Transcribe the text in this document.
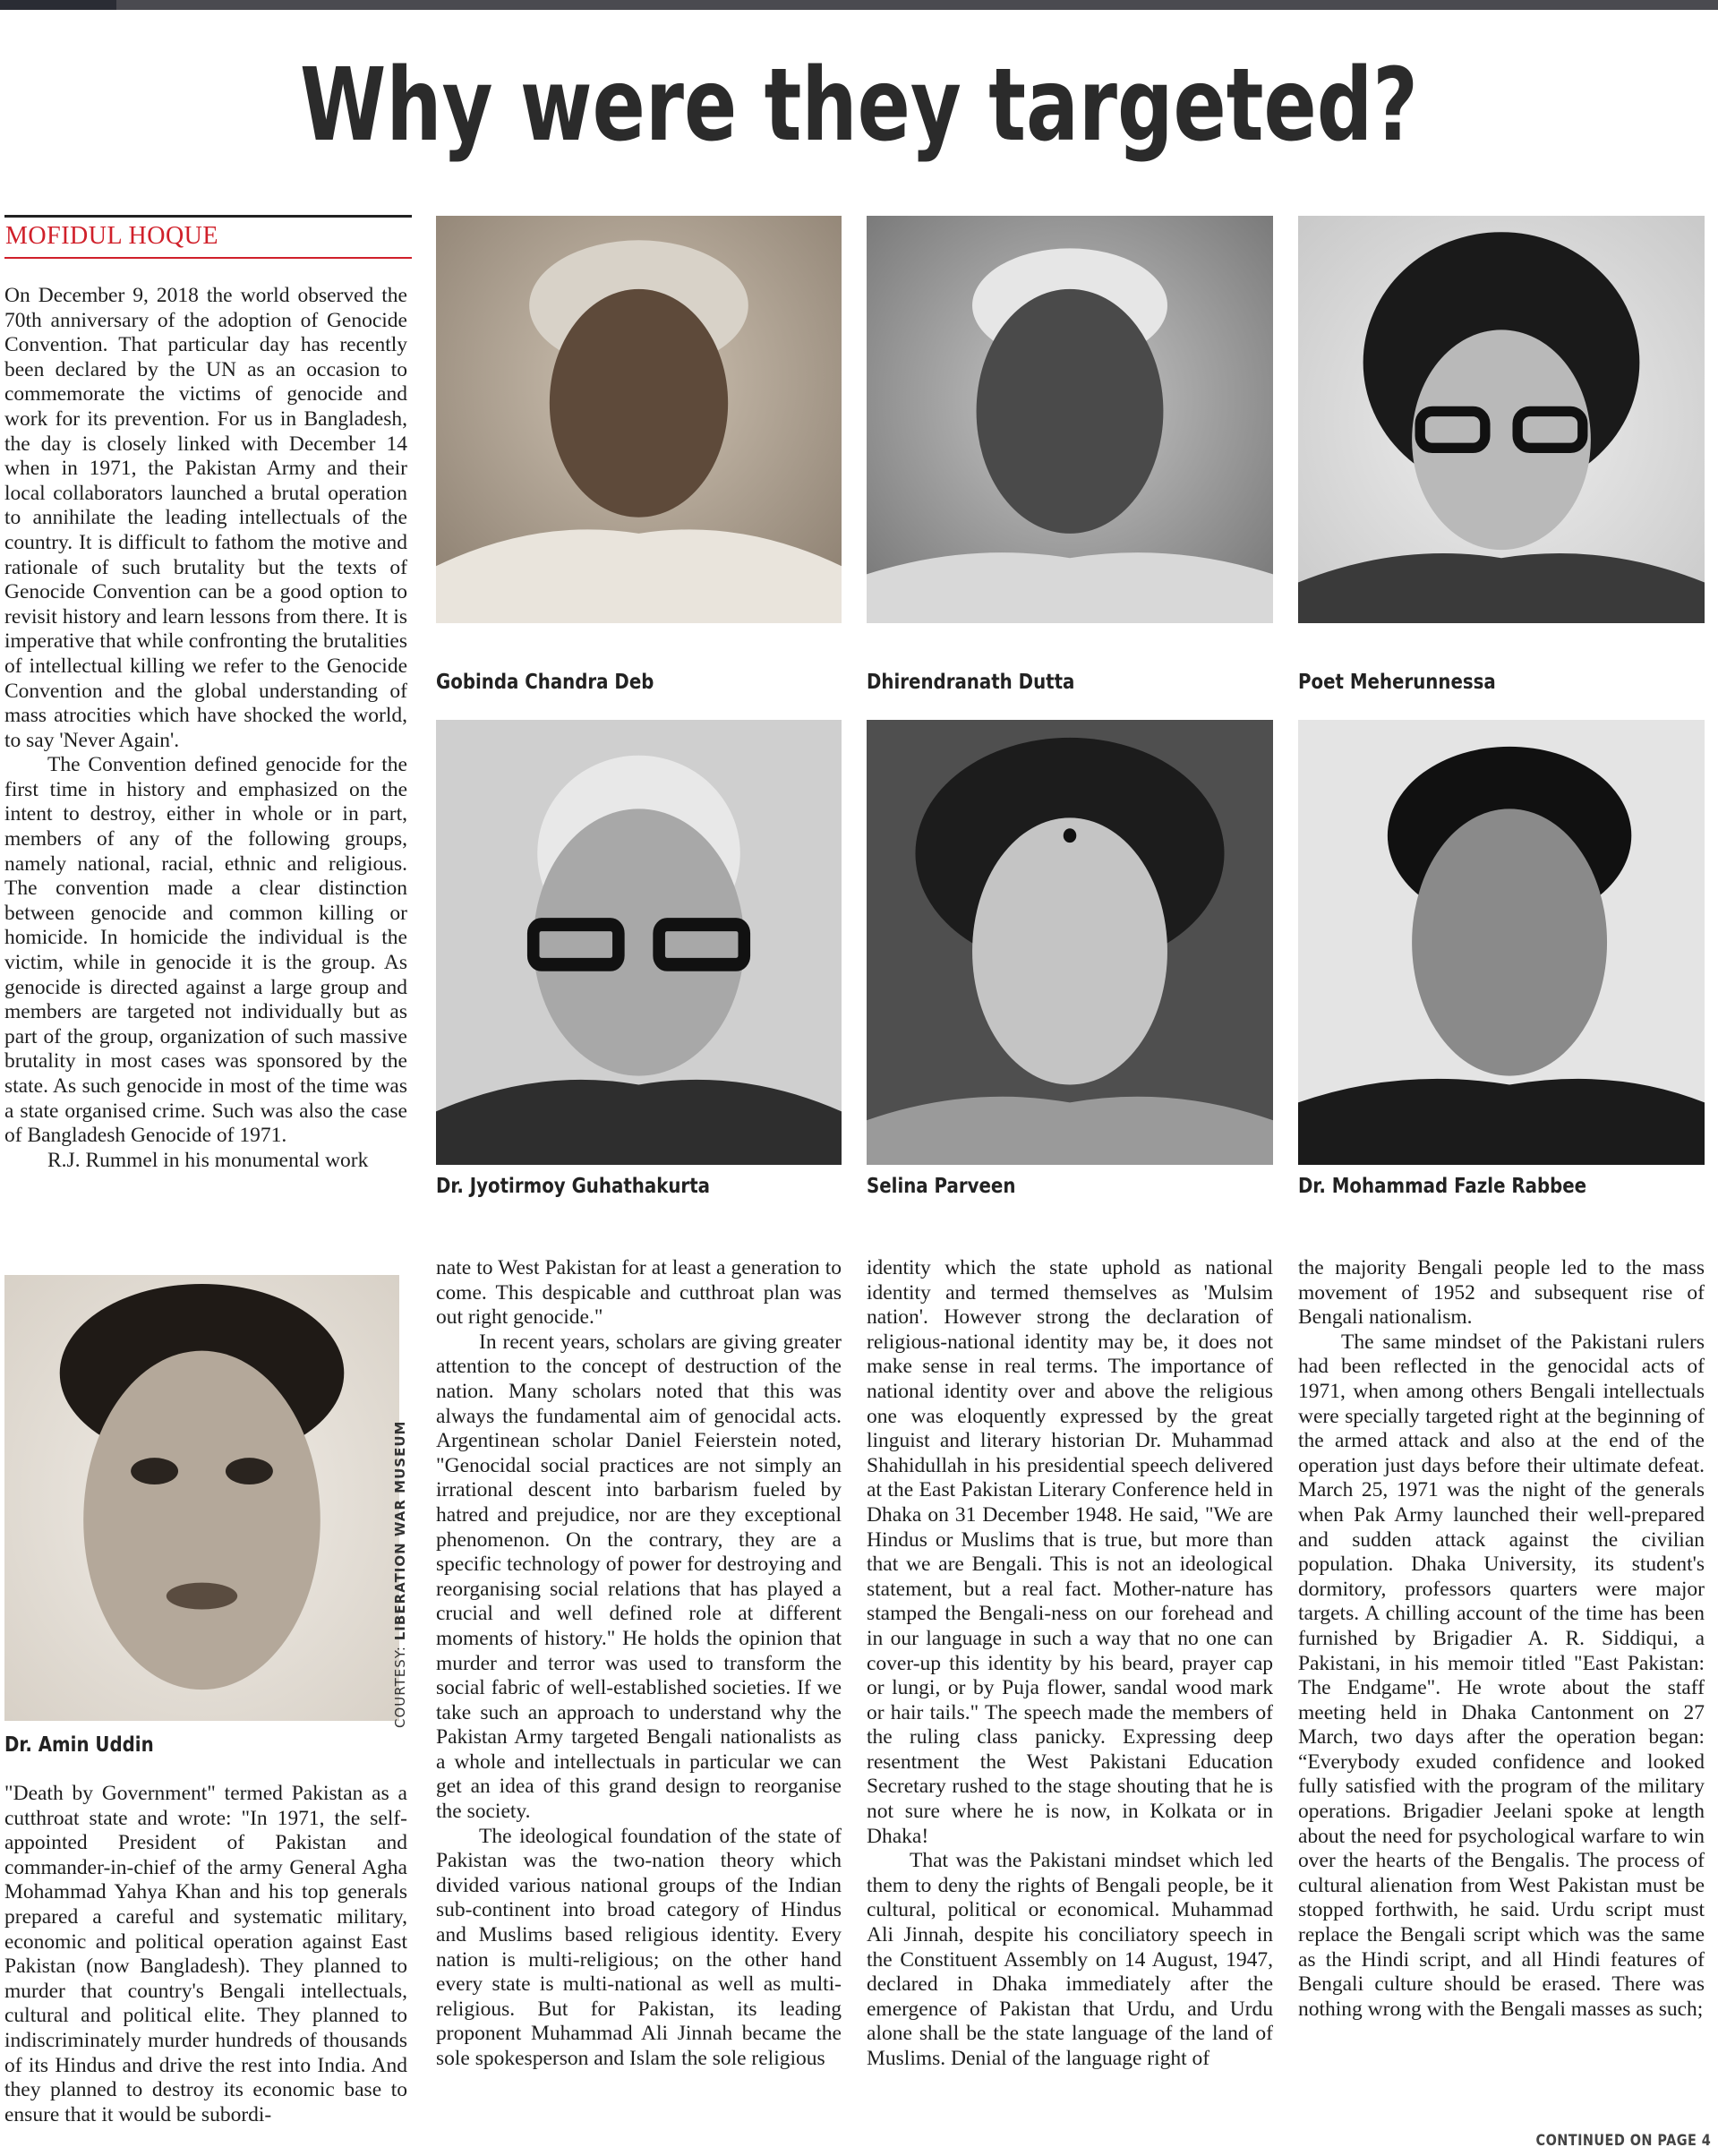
Why were they targeted?
MOFIDUL HOQUE

On December 9, 2018 the world observed the 70th anniversary of the adoption of Genocide Convention. That particular day has recently been declared by the UN as an occasion to commemorate the victims of genocide and work for its prevention. For us in Bangladesh, the day is closely linked with December 14 when in 1971, the Pakistan Army and their local collaborators launched a brutal operation to annihilate the leading intellectuals of the country. It is difficult to fathom the motive and rationale of such brutality but the texts of Genocide Convention can be a good option to revisit history and learn lessons from there. It is imperative that while confronting the brutalities of intellectual killing we refer to the Genocide Convention and the global understanding of mass atrocities which have shocked the world, to say 'Never Again'.

The Convention defined genocide for the first time in history and emphasized on the intent to destroy, either in whole or in part, members of any of the following groups, namely national, racial, ethnic and religious. The convention made a clear distinction between genocide and common killing or homicide. In homicide the individual is the victim, while in genocide it is the group. As genocide is directed against a large group and members are targeted not individually but as part of the group, organization of such massive brutality in most cases was sponsored by the state. As such genocide in most of the time was a state organised crime. Such was also the case of Bangladesh Genocide of 1971.

R.J. Rummel in his monumental work

Gobinda Chandra Deb	Dhirendranath Dutta	Poet Meherunnessa
Dr. Jyotirmoy Guhathakurta	Selina Parveen	Dr. Mohammad Fazle Rabbee
Dr. Amin Uddin
COURTESY: LIBERATION WAR MUSEUM

"Death by Government" termed Pakistan as a cutthroat state and wrote: "In 1971, the self-appointed President of Pakistan and commander-in-chief of the army General Agha Mohammad Yahya Khan and his top generals prepared a careful and systematic military, economic and political operation against East Pakistan (now Bangladesh). They planned to murder that country's Bengali intellectuals, cultural and political elite. They planned to indiscriminately murder hundreds of thousands of its Hindus and drive the rest into India. And they planned to destroy its economic base to ensure that it would be subordi-

nate to West Pakistan for at least a generation to come. This despicable and cutthroat plan was out right genocide."

In recent years, scholars are giving greater attention to the concept of destruction of the nation. Many scholars noted that this was always the fundamental aim of genocidal acts. Argentinean scholar Daniel Feierstein noted, "Genocidal social practices are not simply an irrational descent into barbarism fueled by hatred and prejudice, nor are they exceptional phenomenon. On the contrary, they are a specific technology of power for destroying and reorganising social relations that has played a crucial and well defined role at different moments of history." He holds the opinion that murder and terror was used to transform the social fabric of well-established societies. If we take such an approach to understand why the Pakistan Army targeted Bengali nationalists as a whole and intellectuals in particular we can get an idea of this grand design to reorganise the society.

The ideological foundation of the state of Pakistan was the two-nation theory which divided various national groups of the Indian sub-continent into broad category of Hindus and Muslims based religious identity. Every nation is multi-religious; on the other hand every state is multi-national as well as multi-religious. But for Pakistan, its leading proponent Muhammad Ali Jinnah became the sole spokesperson and Islam the sole religious

identity which the state uphold as national identity and termed themselves as 'Mulsim nation'. However strong the declaration of religious-national identity may be, it does not make sense in real terms. The importance of national identity over and above the religious one was eloquently expressed by the great linguist and literary historian Dr. Muhammad Shahidullah in his presidential speech delivered at the East Pakistan Literary Conference held in Dhaka on 31 December 1948. He said, "We are Hindus or Muslims that is true, but more than that we are Bengali. This is not an ideological statement, but a real fact. Mother-nature has stamped the Bengali-ness on our forehead and in our language in such a way that no one can cover-up this identity by his beard, prayer cap or lungi, or by Puja flower, sandal wood mark or hair tails." The speech made the members of the ruling class panicky. Expressing deep resentment the West Pakistani Education Secretary rushed to the stage shouting that he is not sure where he is now, in Kolkata or in Dhaka!

That was the Pakistani mindset which led them to deny the rights of Bengali people, be it cultural, political or economical. Muhammad Ali Jinnah, despite his conciliatory speech in the Constituent Assembly on 14 August, 1947, declared in Dhaka immediately after the emergence of Pakistan that Urdu, and Urdu alone shall be the state language of the land of Muslims. Denial of the language right of

the majority Bengali people led to the mass movement of 1952 and subsequent rise of Bengali nationalism.

The same mindset of the Pakistani rulers had been reflected in the genocidal acts of 1971, when among others Bengali intellectuals were specially targeted right at the beginning of the armed attack and also at the end of the operation just days before their ultimate defeat. March 25, 1971 was the night of the generals when Pak Army launched their well-prepared and sudden attack against the civilian population. Dhaka University, its student's dormitory, professors quarters were major targets. A chilling account of the time has been furnished by Brigadier A. R. Siddiqui, a Pakistani, in his memoir titled "East Pakistan: The Endgame". He wrote about the staff meeting held in Dhaka Cantonment on 27 March, two days after the operation began: “Everybody exuded confidence and looked fully satisfied with the program of the military operations. Brigadier Jeelani spoke at length about the need for psychological warfare to win over the hearts of the Bengalis. The process of cultural alienation from West Pakistan must be stopped forthwith, he said. Urdu script must replace the Bengali script which was the same as the Hindi script, and all Hindi features of Bengali culture should be erased. There was nothing wrong with the Bengali masses as such;

CONTINUED ON PAGE 4
